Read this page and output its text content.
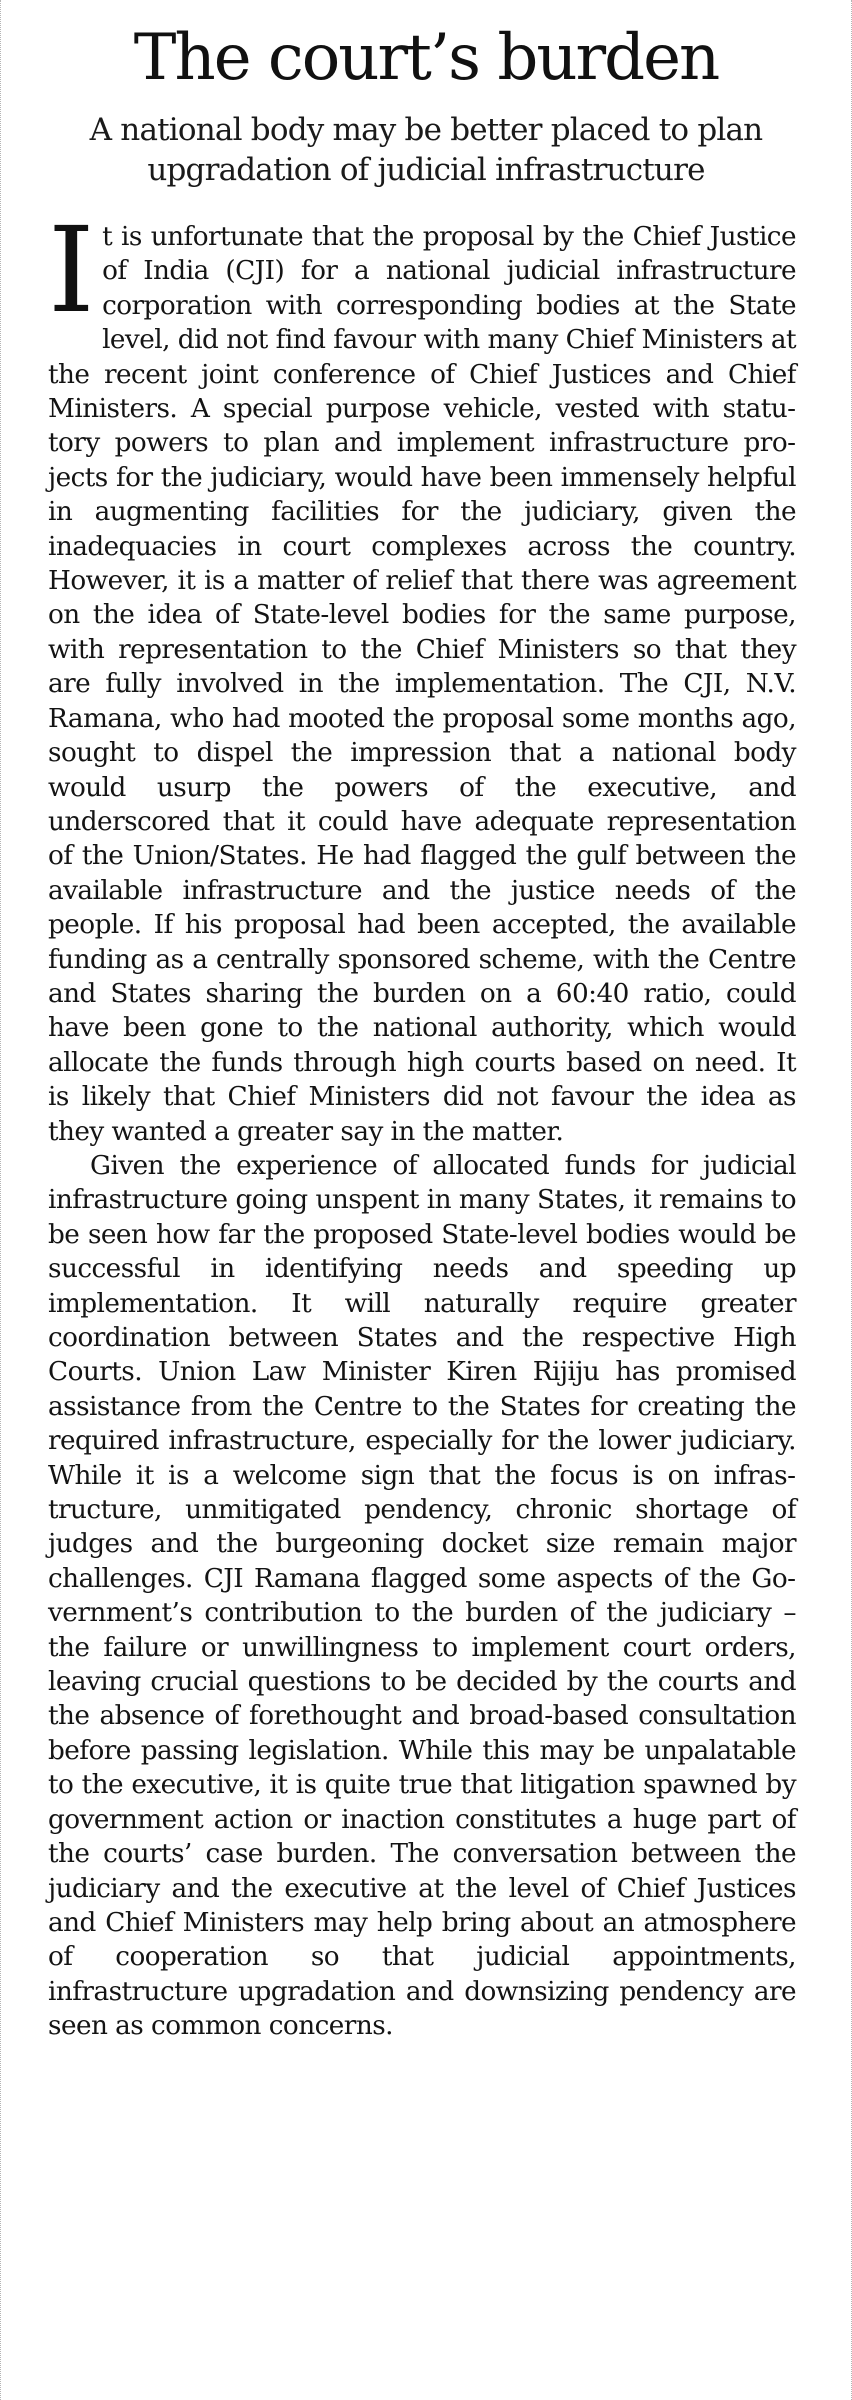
The court’s burden
A national body may be better placed to plan upgradation of judicial infrastructure

It is unfortunate that the proposal by the Chief Justice of India (CJI) for a national judicial infrastructure corporation with corresponding bodies at the State level, did not find favour with many Chief Ministers at the recent joint conference of Chief Justices and Chief Ministers. A special purpose vehicle, vested with statutory powers to plan and implement infrastructure projects for the judiciary, would have been immensely helpful in augmenting facilities for the judiciary, given the inadequacies in court complexes across the country. However, it is a matter of relief that there was agreement on the idea of State-level bodies for the same purpose, with representation to the Chief Ministers so that they are fully involved in the implementation. The CJI, N.V. Ramana, who had mooted the proposal some months ago, sought to dispel the impression that a national body would usurp the powers of the executive, and underscored that it could have adequate representation of the Union/States. He had flagged the gulf between the available infrastructure and the justice needs of the people. If his proposal had been accepted, the available funding as a centrally sponsored scheme, with the Centre and States sharing the burden on a 60:40 ratio, could have been gone to the national authority, which would allocate the funds through high courts based on need. It is likely that Chief Ministers did not favour the idea as they wanted a greater say in the matter.

Given the experience of allocated funds for judicial infrastructure going unspent in many States, it remains to be seen how far the proposed State-level bodies would be successful in identifying needs and speeding up implementation. It will naturally require greater coordination between States and the respective High Courts. Union Law Minister Kiren Rijiju has promised assistance from the Centre to the States for creating the required infrastructure, especially for the lower judiciary. While it is a welcome sign that the focus is on infrastructure, unmitigated pendency, chronic shortage of judges and the burgeoning docket size remain major challenges. CJI Ramana flagged some aspects of the Government’s contribution to the burden of the judiciary – the failure or unwillingness to implement court orders, leaving crucial questions to be decided by the courts and the absence of forethought and broad-based consultation before passing legislation. While this may be unpalatable to the executive, it is quite true that litigation spawned by government action or inaction constitutes a huge part of the courts’ case burden. The conversation between the judiciary and the executive at the level of Chief Justices and Chief Ministers may help bring about an atmosphere of cooperation so that judicial appointments, infrastructure upgradation and downsizing pendency are seen as common concerns.
